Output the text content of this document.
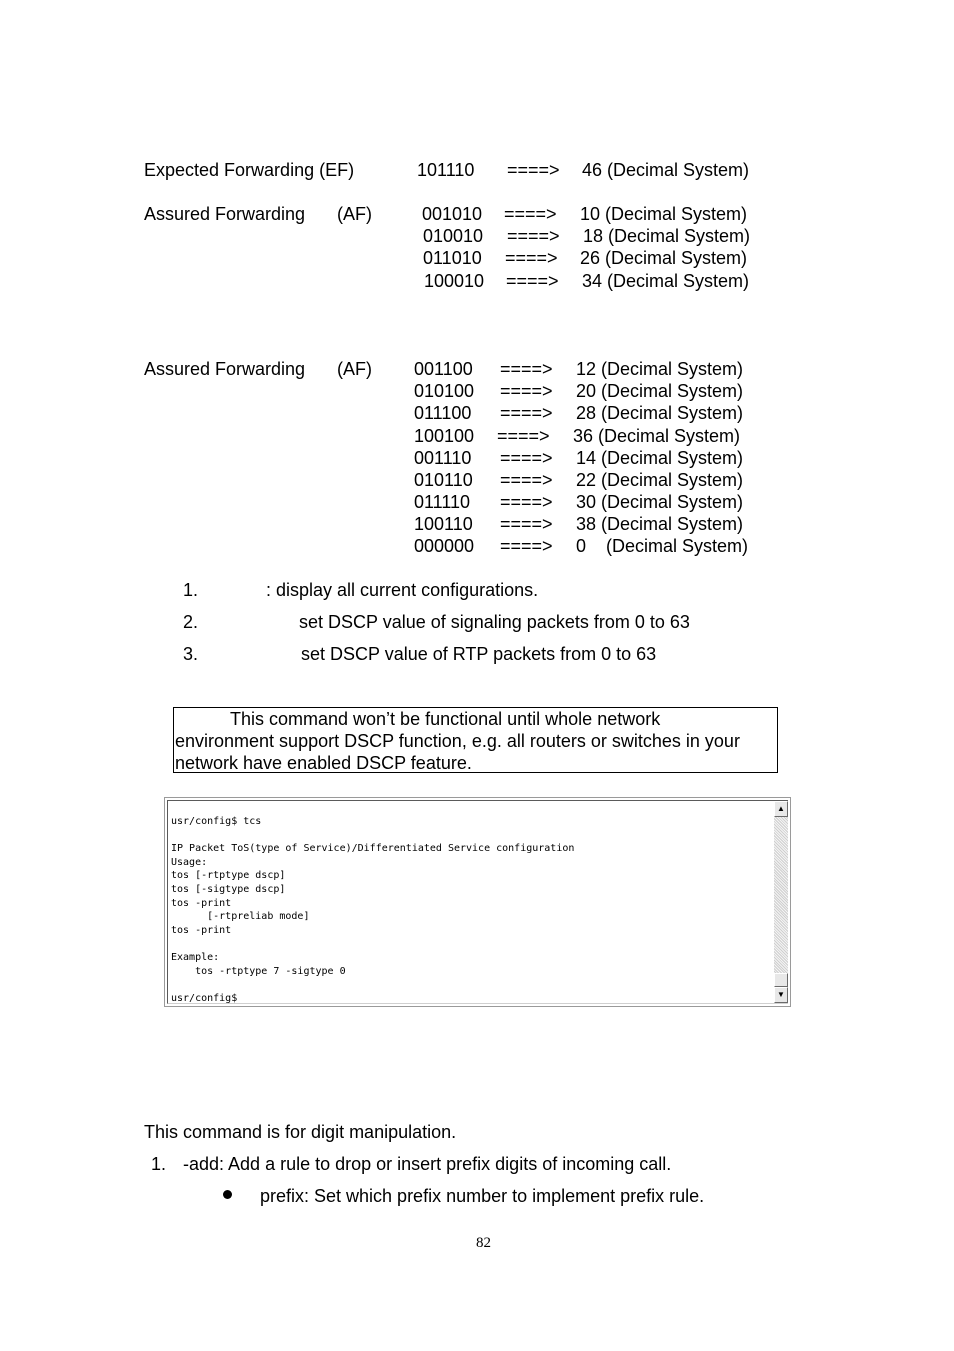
Expected Forwarding (EF)	101110 ====> 46 (Decimal System)
Assured Forwarding (AF)	001010 ====> 10 (Decimal System)
010010 ====> 18 (Decimal System)
011010 ====> 26 (Decimal System)
100010 ====> 34 (Decimal System)
Assured Forwarding (AF) 001100 ====> 12 (Decimal System)
010100 ====> 20 (Decimal System)
011100 ====> 28 (Decimal System)
100100 ====> 36 (Decimal System)
001110 ====> 14 (Decimal System)
010110 ====> 22 (Decimal System)
011110 ====> 30 (Decimal System)
100110 ====> 38 (Decimal System)
000000 ====> 0    (Decimal System)
1.	: display all current configurations.
2.	set DSCP value of signaling packets from 0 to 63
3.	set DSCP value of RTP packets from 0 to 63
This command won’t be functional until whole network
environment support DSCP function, e.g. all routers or switches in your
network have enabled DSCP feature.
usr/config$ tcs

IP Packet ToS(type of Service)/Differentiated Service configuration
Usage:
tos [-rtptype dscp]
tos [-sigtype dscp]
tos -print
[-rtpreliab mode]
tos -print

Example:
tos -rtptype 7 -sigtype 0

usr/config$
▲
▼
This command is for digit manipulation.
1. -add: Add a rule to drop or insert prefix digits of incoming call.
prefix: Set which prefix number to implement prefix rule.
82
